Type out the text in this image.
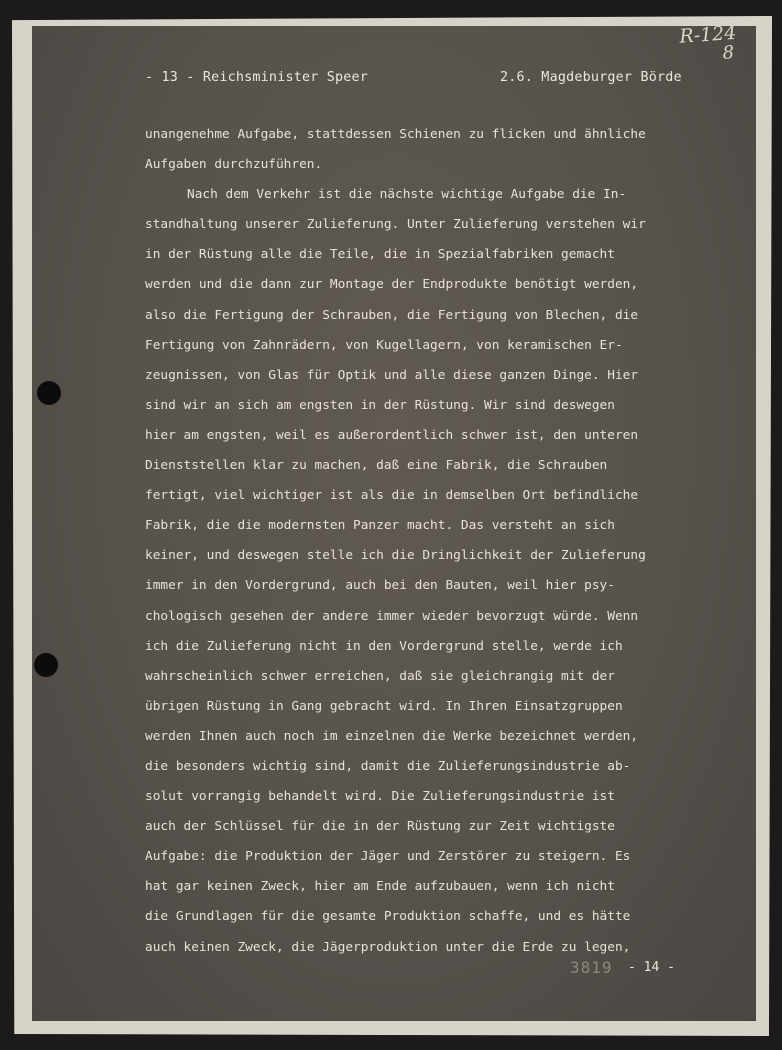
R-124
8
- 13 - Reichsminister Speer	2.6. Magdeburger Börde
unangenehme Aufgabe, stattdessen Schienen zu flicken und ähnliche
Aufgaben durchzuführen.
Nach dem Verkehr ist die nächste wichtige Aufgabe die In-
standhaltung unserer Zulieferung. Unter Zulieferung verstehen wir
in der Rüstung alle die Teile, die in Spezialfabriken gemacht
werden und die dann zur Montage der Endprodukte benötigt werden,
also die Fertigung der Schrauben, die Fertigung von Blechen, die
Fertigung von Zahnrädern, von Kugellagern, von keramischen Er-
zeugnissen, von Glas für Optik und alle diese ganzen Dinge. Hier
sind wir an sich am engsten in der Rüstung. Wir sind deswegen
hier am engsten, weil es außerordentlich schwer ist, den unteren
Dienststellen klar zu machen, daß eine Fabrik, die Schrauben
fertigt, viel wichtiger ist als die in demselben Ort befindliche
Fabrik, die die modernsten Panzer macht. Das versteht an sich
keiner, und deswegen stelle ich die Dringlichkeit der Zulieferung
immer in den Vordergrund, auch bei den Bauten, weil hier psy-
chologisch gesehen der andere immer wieder bevorzugt würde. Wenn
ich die Zulieferung nicht in den Vordergrund stelle, werde ich
wahrscheinlich schwer erreichen, daß sie gleichrangig mit der
übrigen Rüstung in Gang gebracht wird. In Ihren Einsatzgruppen
werden Ihnen auch noch im einzelnen die Werke bezeichnet werden,
die besonders wichtig sind, damit die Zulieferungsindustrie ab-
solut vorrangig behandelt wird. Die Zulieferungsindustrie ist
auch der Schlüssel für die in der Rüstung zur Zeit wichtigste
Aufgabe: die Produktion der Jäger und Zerstörer zu steigern. Es
hat gar keinen Zweck, hier am Ende aufzubauen, wenn ich nicht
die Grundlagen für die gesamte Produktion schaffe, und es hätte
auch keinen Zweck, die Jägerproduktion unter die Erde zu legen,
3819 - 14 -
